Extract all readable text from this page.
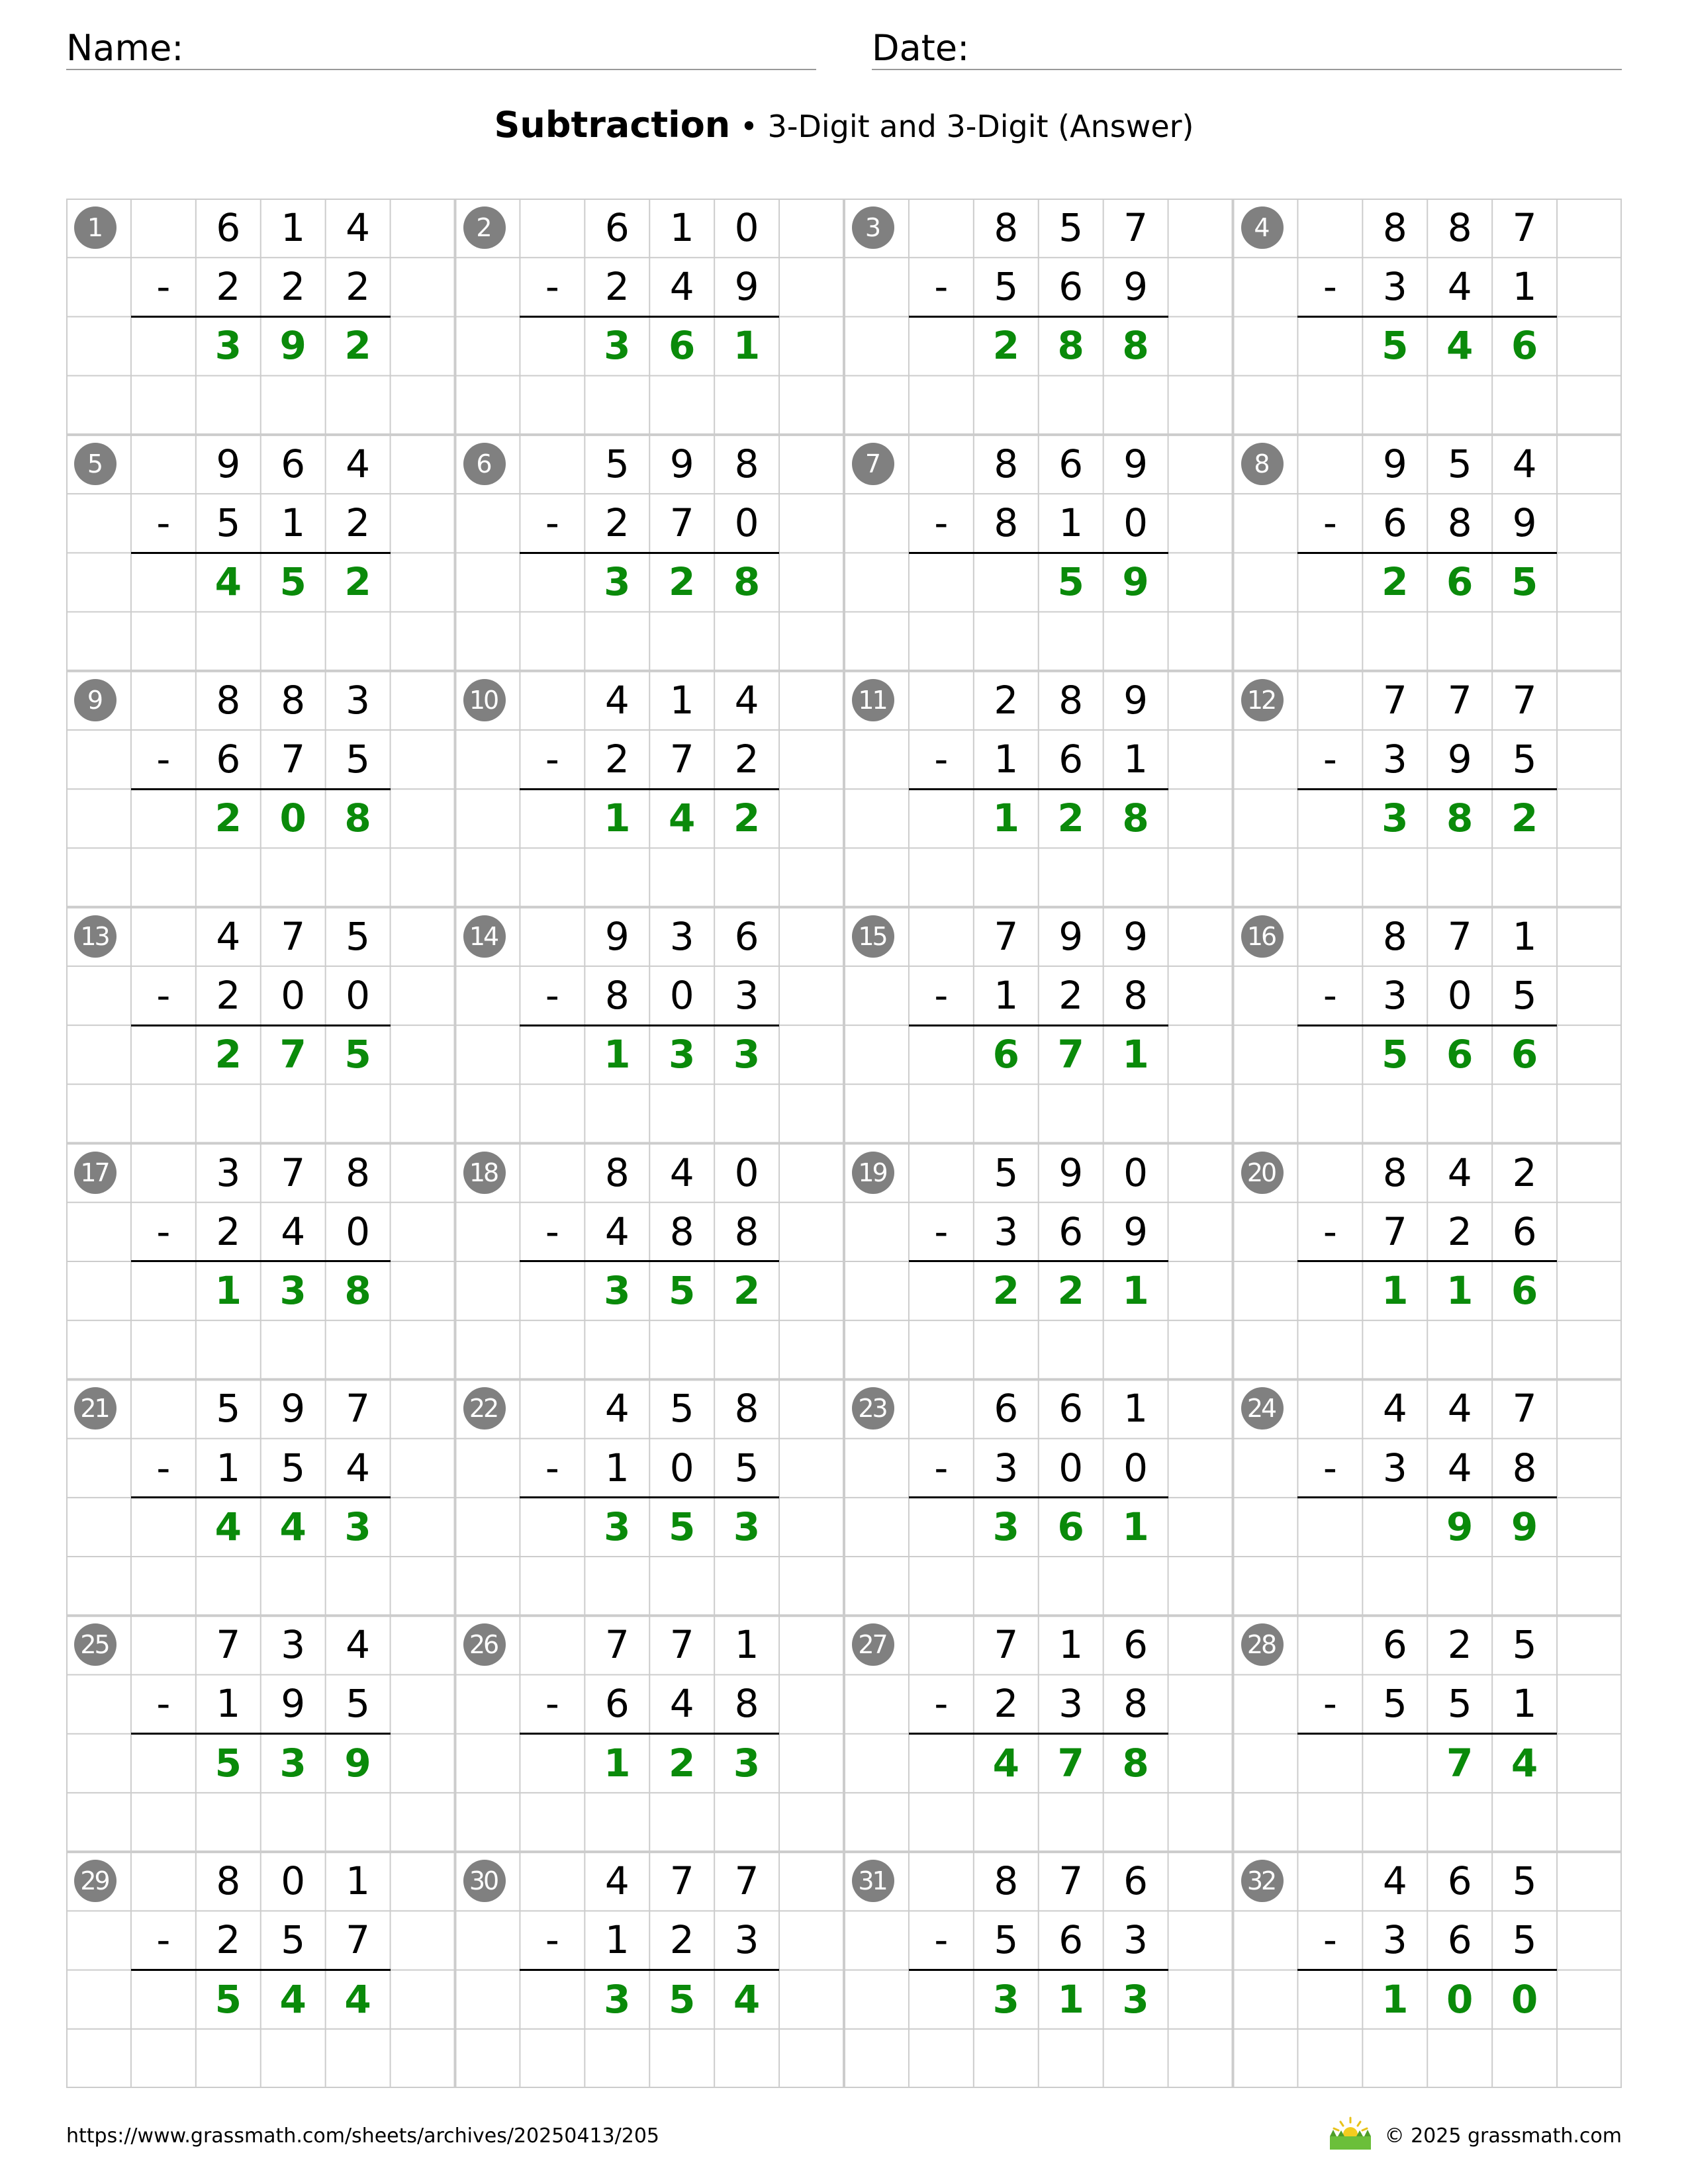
Name:	Date:
Subtraction • 3-Digit and 3-Digit (Answer)
1	6	1	4
-	2	2	2
3 9 2
2	6	1	0
-	2	4	9
3 6 1
3	8	5	7
-	5	6	9
2 8 8
4	8	8	7
-	3	4	1
5 4 6
5	9	6	4
-	5	1	2
4 5 2
6	5	9	8
-	2	7	0
3 2 8
7	8	6	9
-	8	1	0
5 9
8	9	5	4
-	6	8	9
2 6 5
9	8	8	3
-	6	7	5
2 0 8
10	4	1	4
-	2	7	2
1 4 2
11	2	8	9
-	1	6	1
1 2 8
12	7	7	7
-	3	9	5
3 8 2
13	4	7	5
-	2	0	0
2 7 5
14	9	3	6
-	8	0	3
1 3 3
15	7	9	9
-	1	2	8
6 7 1
16	8	7	1
-	3	0	5
5 6 6
17	3	7	8
-	2	4	0
1 3 8
18	8	4	0
-	4	8	8
3 5 2
19	5	9	0
-	3	6	9
2 2 1
20	8	4	2
-	7	2	6
1 1 6
21	5	9	7
-	1	5	4
4 4 3
22	4	5	8
-	1	0	5
3 5 3
23	6	6	1
-	3	0	0
3 6 1
24	4	4	7
-	3	4	8
9 9
25	7	3	4
-	1	9	5
5 3 9
26	7	7	1
-	6	4	8
1 2 3
27	7	1	6
-	2	3	8
4 7 8
28	6	2	5
-	5	5	1
7 4
29	8	0	1
-	2	5	7
5 4 4
30	4	7	7
-	1	2	3
3 5 4
31	8	7	6
-	5	6	3
3 1 3
32	4	6	5
-	3	6	5
1 0 0
https://www.grassmath.com/sheets/archives/20250413/205	© 2025 grassmath.com
